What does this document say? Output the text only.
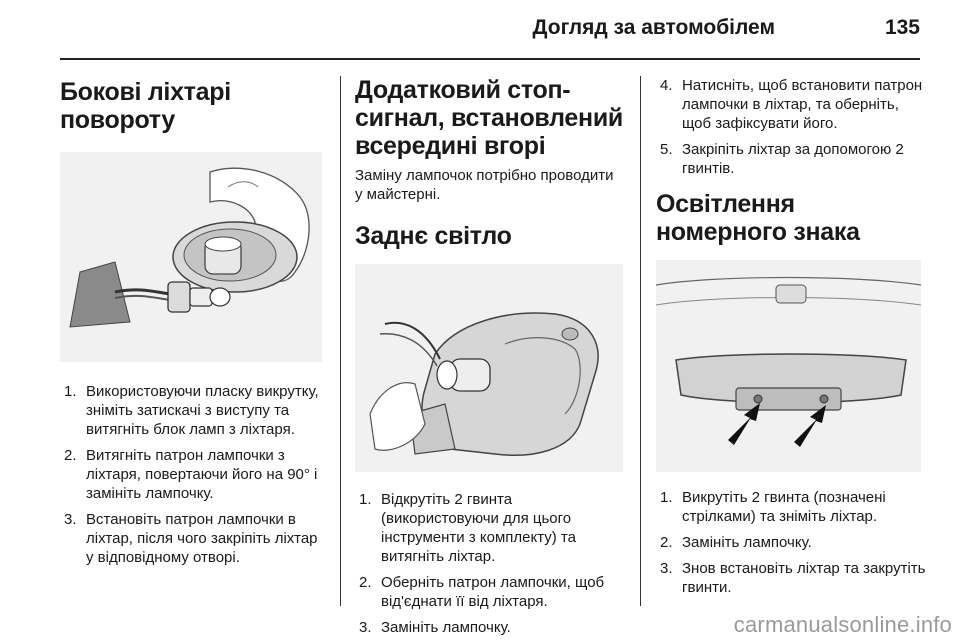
Догляд за автомобілем	135
Бокові ліхтарі повороту
1. Використовуючи пласку викрутку, зніміть затискачі з виступу та витягніть блок ламп з ліхтаря.
2. Витягніть патрон лампочки з ліхтаря, повертаючи його на 90° і замініть лампочку.
3. Встановіть патрон лампочки в ліхтар, після чого закріпіть ліхтар у відповідному отворі.
Додатковий стоп-сигнал, встановлений всередині вгорі

Заміну лампочок потрібно проводити у майстерні.

Заднє світло
1. Відкрутіть 2 гвинта (використовуючи для цього інструменти з комплекту) та витягніть ліхтар.
2. Оберніть патрон лампочки, щоб від'єднати її від ліхтаря.
3. Замініть лампочку.
4. Натисніть, щоб встановити патрон лампочки в ліхтар, та оберніть, щоб зафіксувати його.
5. Закріпіть ліхтар за допомогою 2 гвинтів.
Освітлення номерного знака
1. Викрутіть 2 гвинта (позначені стрілками) та зніміть ліхтар.
2. Замініть лампочку.
3. Знов встановіть ліхтар та закрутіть гвинти.
carmanualsonline.info
